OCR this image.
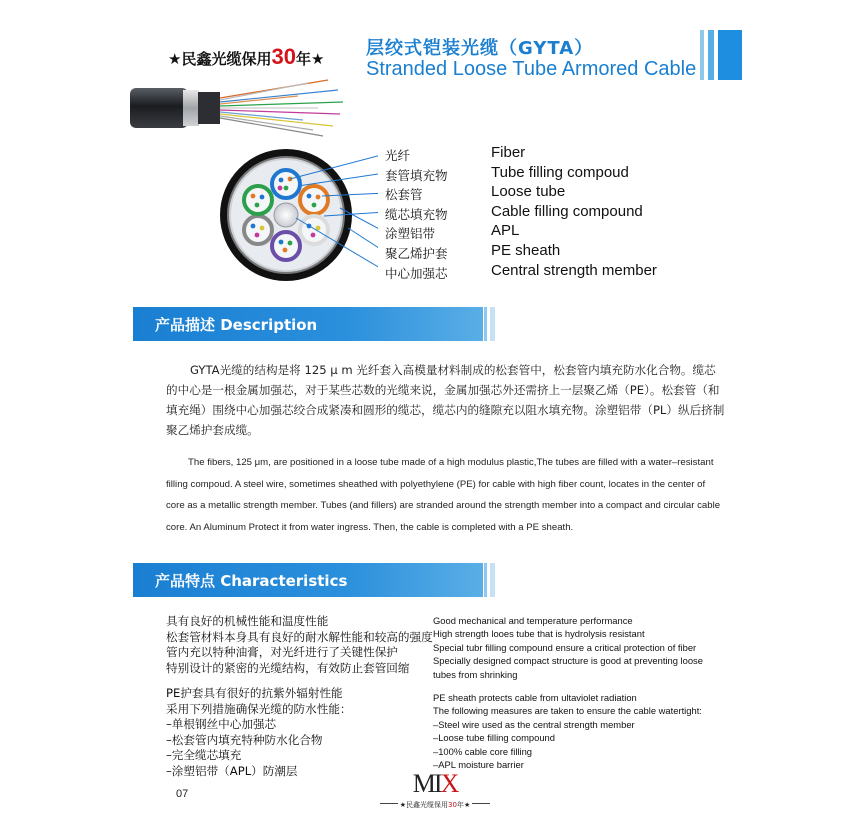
★民鑫光缆保用30年★ 层绞式铠装光缆（GYTA）
Stranded Loose Tube Armored Cable
光纤	Fiber
套管填充物	Tube filling compoud
松套管	Loose tube
缆芯填充物	Cable filling compound
涂塑铝带	APL
聚乙烯护套	PE sheath
中心加强芯	Central strength member
产品描述 Description

GYTA光缆的结构是将 125 μ m 光纤套入高模量材料制成的松套管中，松套管内填充防水化合物。缆芯的中心是一根金属加强芯，对于某些芯数的光缆来说，金属加强芯外还需挤上一层聚乙烯（PE）。松套管（和填充绳）围绕中心加强芯绞合成紧凑和圆形的缆芯，缆芯内的缝隙充以阻水填充物。涂塑铝带（PL）纵后挤制聚乙烯护套成缆。

The fibers, 125 μm, are positioned in a loose tube made of a high modulus plastic,The tubes are filled with a water–resistant filling compoud. A steel wire, sometimes sheathed with polyethylene (PE) for cable with high fiber count, locates in the center of core as a metallic strength member. Tubes (and fillers) are stranded around the strength member into a compact and circular cable core. An Aluminum Protect it from water ingress. Then, the cable is completed with a PE sheath.

产品特点 Characteristics
具有良好的机械性能和温度性能
松套管材料本身具有良好的耐水解性能和较高的强度
管内充以特种油膏，对光纤进行了关键性保护
特别设计的紧密的光缆结构，有效防止套管回缩
PE护套具有很好的抗紫外辐射性能
采用下列措施确保光缆的防水性能：
–单根钢丝中心加强芯
–松套管内填充特种防水化合物
–完全缆芯填充
–涂塑铝带（APL）防潮层
Good mechanical and temperature performance
High strength looes tube that is hydrolysis resistant
Special tubr filling compound ensure a critical protection of fiber
Specially designed compact structure is good at preventing loose tubes from shrinking
PE sheath protects cable from ultaviolet radiation
The following measures are taken to ensure the cable watertight:
–Steel wire used as the central strength member
–Loose tube filling compound
–100% cable core filling
–APL moisture barrier
07	MIX
★民鑫光缆保用30年★
